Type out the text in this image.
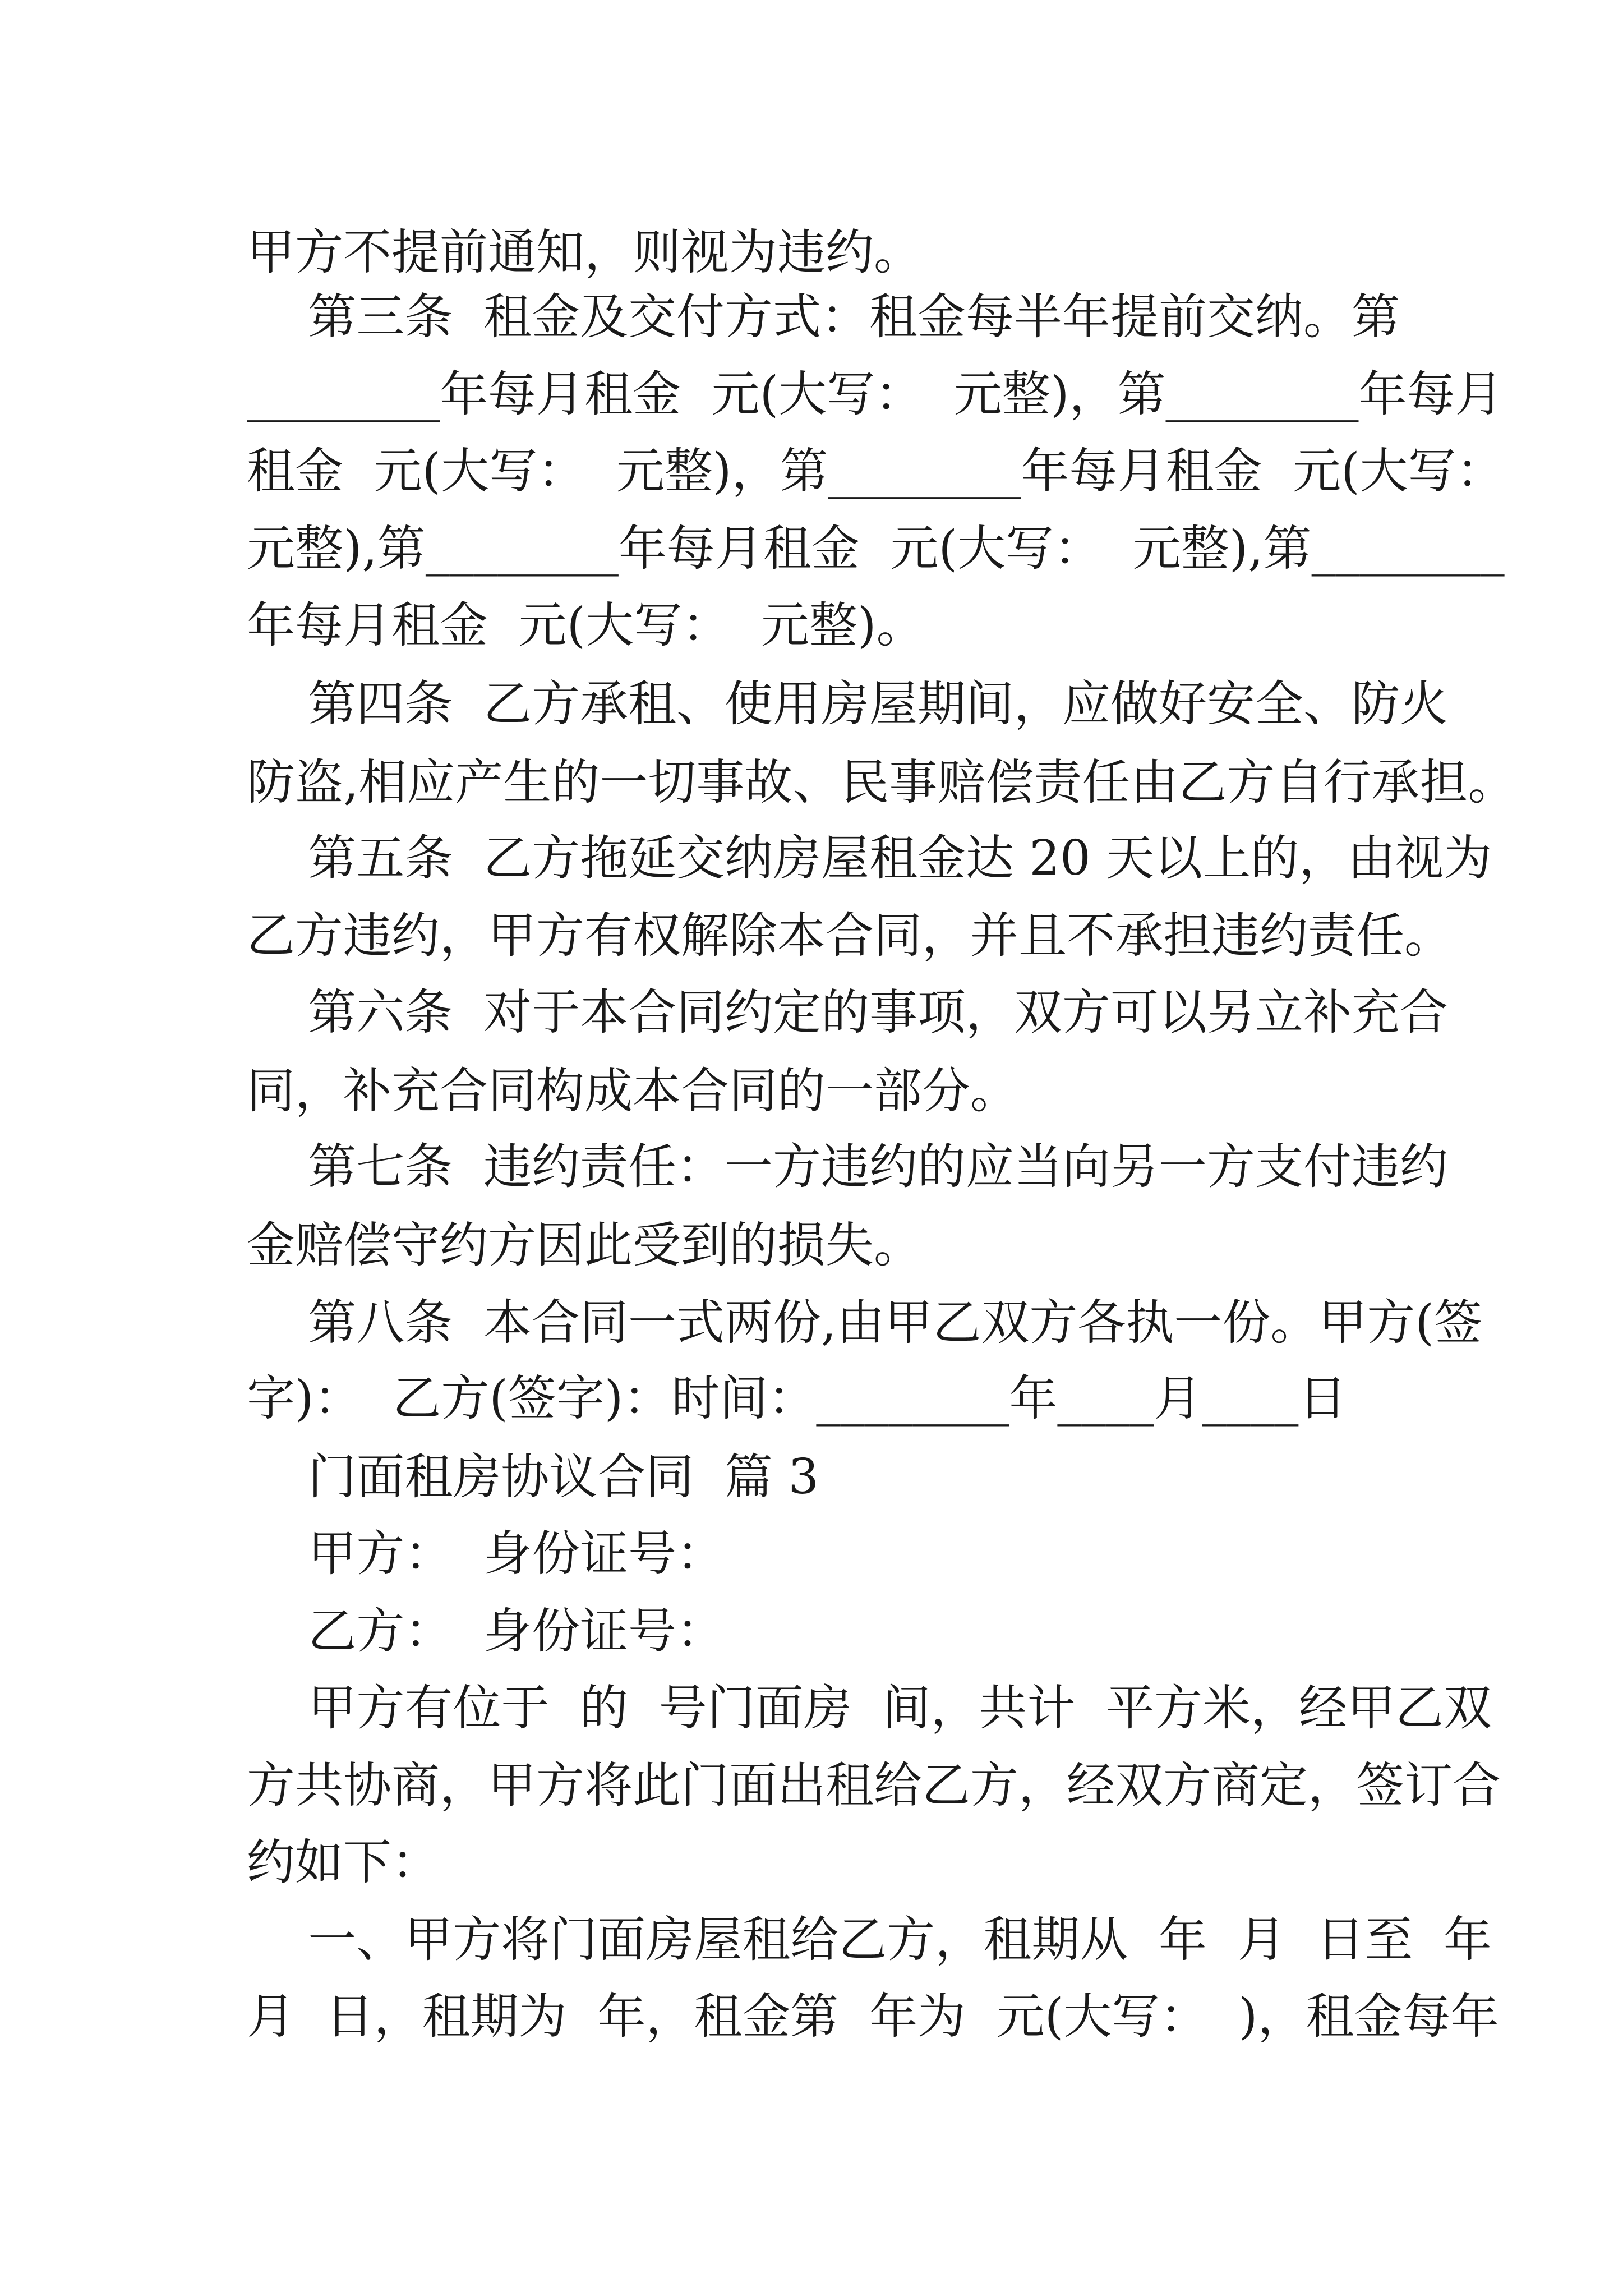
甲方不提前通知，则视为违约。
第三条  租金及交付方式：租金每半年提前交纳。第
________年每月租金  元(大写：  元整)，第________年每月
租金  元(大写：  元整)，第________年每月租金  元(大写：
元整),第________年每月租金  元(大写：  元整),第________
年每月租金  元(大写：  元整)。
第四条  乙方承租、使用房屋期间，应做好安全、防火
防盗,相应产生的一切事故、民事赔偿责任由乙方自行承担。
第五条  乙方拖延交纳房屋租金达 20 天以上的，由视为
乙方违约，甲方有权解除本合同，并且不承担违约责任。
第六条  对于本合同约定的事项，双方可以另立补充合
同，补充合同构成本合同的一部分。
第七条  违约责任：一方违约的应当向另一方支付违约
金赔偿守约方因此受到的损失。
第八条  本合同一式两份,由甲乙双方各执一份。甲方(签
字)：  乙方(签字)：时间：________年____月____日
门面租房协议合同  篇 3
甲方：  身份证号：
乙方：  身份证号：
甲方有位于  的  号门面房  间，共计  平方米，经甲乙双
方共协商，甲方将此门面出租给乙方，经双方商定，签订合
约如下：
一、甲方将门面房屋租给乙方，租期从  年  月  日至  年
月  日，租期为  年，租金第  年为  元(大写：  )，租金每年
